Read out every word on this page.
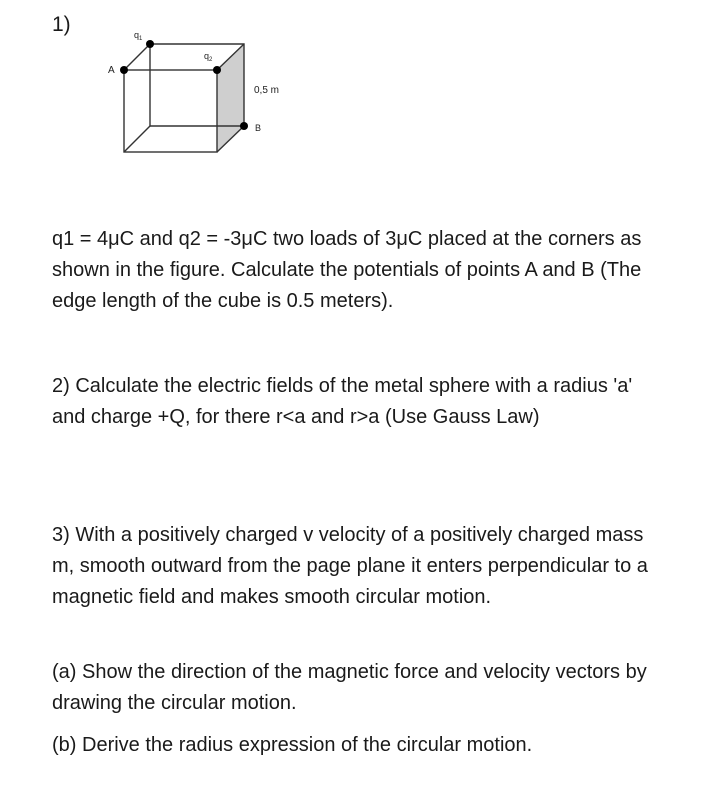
1)	$q_1$
$q_2$
A
B
0,5 m

q1 = 4μC and q2 = -3μC two loads of 3μC placed at the corners as shown in the figure. Calculate the potentials of points A and B (The edge length of the cube is 0.5 meters).

2) Calculate the electric fields of the metal sphere with a radius 'a' and charge +Q, for there r<a and r>a (Use Gauss Law)

3) With a positively charged v velocity of a positively charged mass m, smooth outward from the page plane it enters perpendicular to a magnetic field and makes smooth circular motion.

(a) Show the direction of the magnetic force and velocity vectors by drawing the circular motion.

(b) Derive the radius expression of the circular motion.
